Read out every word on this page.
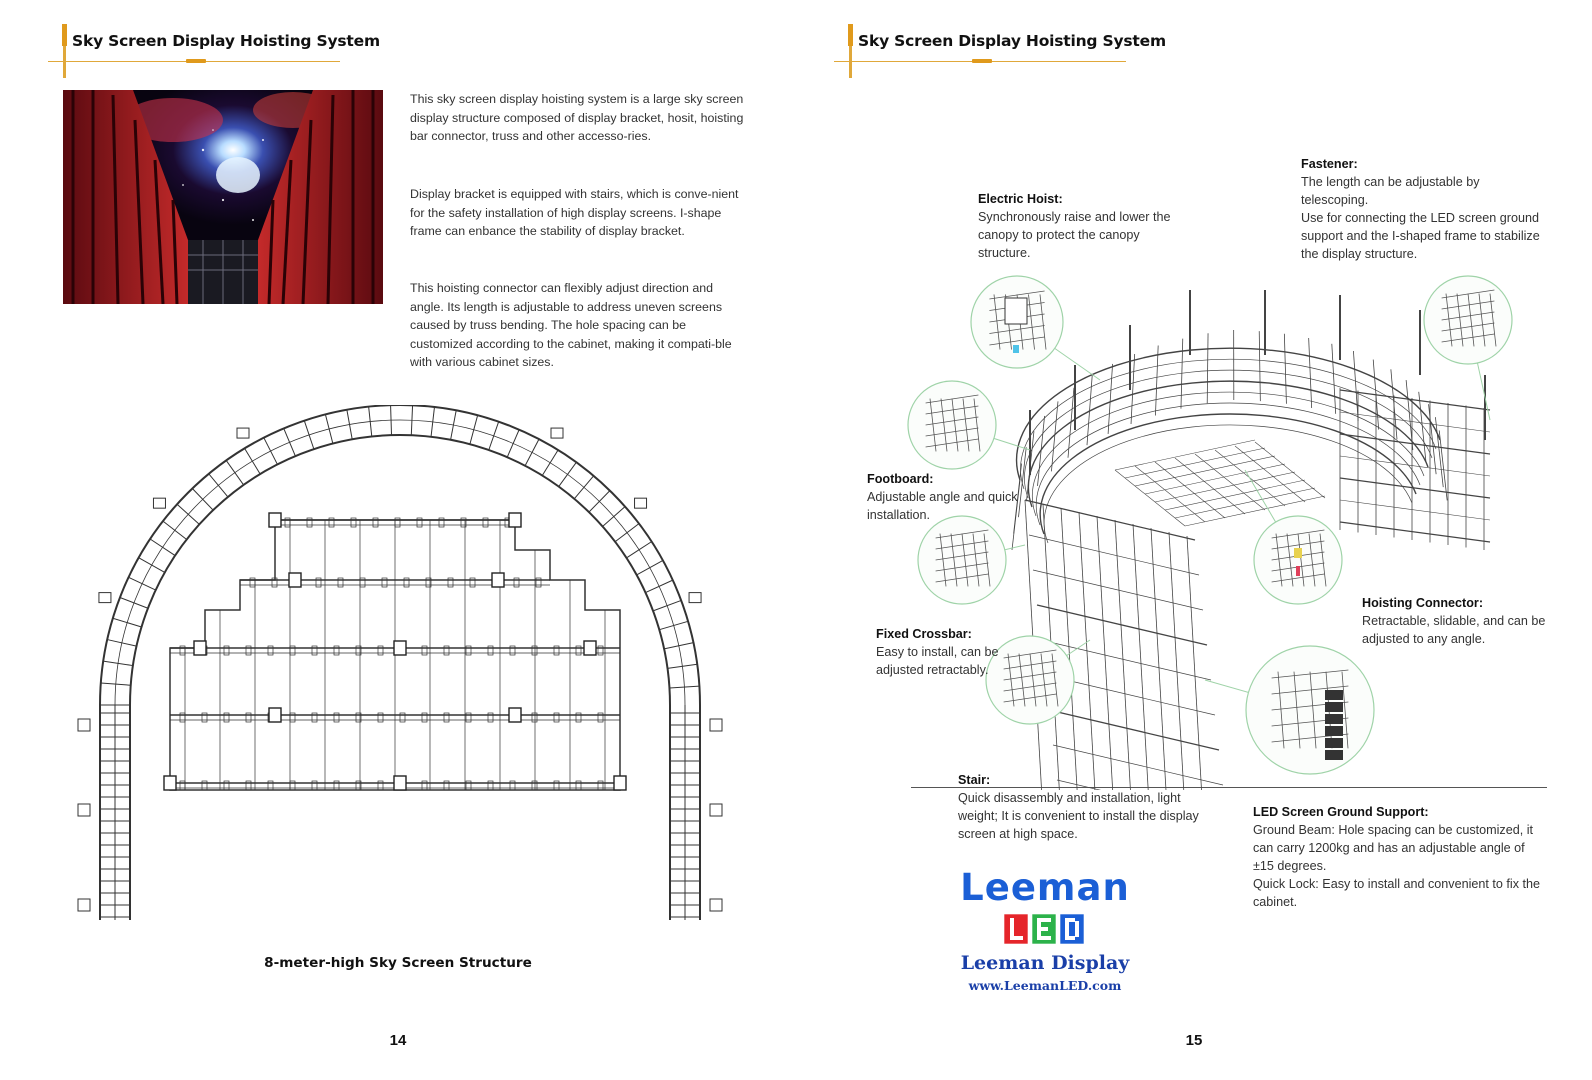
Sky Screen Display Hoisting System

This sky screen display hoisting system is a large sky screen display structure composed of display bracket, hosit, hoisting bar connector, truss and other accesso-ries.

Display bracket is equipped with stairs, which is conve-nient for the safety installation of high display screens. I-shape frame can enbance the stability of display bracket.

This hoisting connector can flexibly adjust direction and angle. Its length is adjustable to address uneven screens caused by truss bending. The hole spacing can be customized according to the cabinet, making it compati-ble with various cabinet sizes.

8-meter-high Sky Screen Structure
14
Sky Screen Display Hoisting System
15
Fastener:
The length can be adjustable by telescoping.
Use for connecting the LED screen ground support and the I-shaped frame to stabilize the display structure.
Electric Hoist:
Synchronously raise and lower the canopy to protect the canopy structure.
Footboard:
Adjustable angle and quick installation.
Hoisting Connector:
Retractable, slidable, and can be adjusted to any angle.
Fixed Crossbar:
Easy to install, can be adjusted retractably.
Stair:
Quick disassembly and installation, light weight; It is convenient to install the display screen at high space.
LED Screen Ground Support:
Ground Beam: Hole spacing can be customized, it can carry 1200kg and has an adjustable angle of ±15 degrees.
Quick Lock: Easy to install and convenient to fix the cabinet.
Leeman
Leeman Display
www.LeemanLED.com
